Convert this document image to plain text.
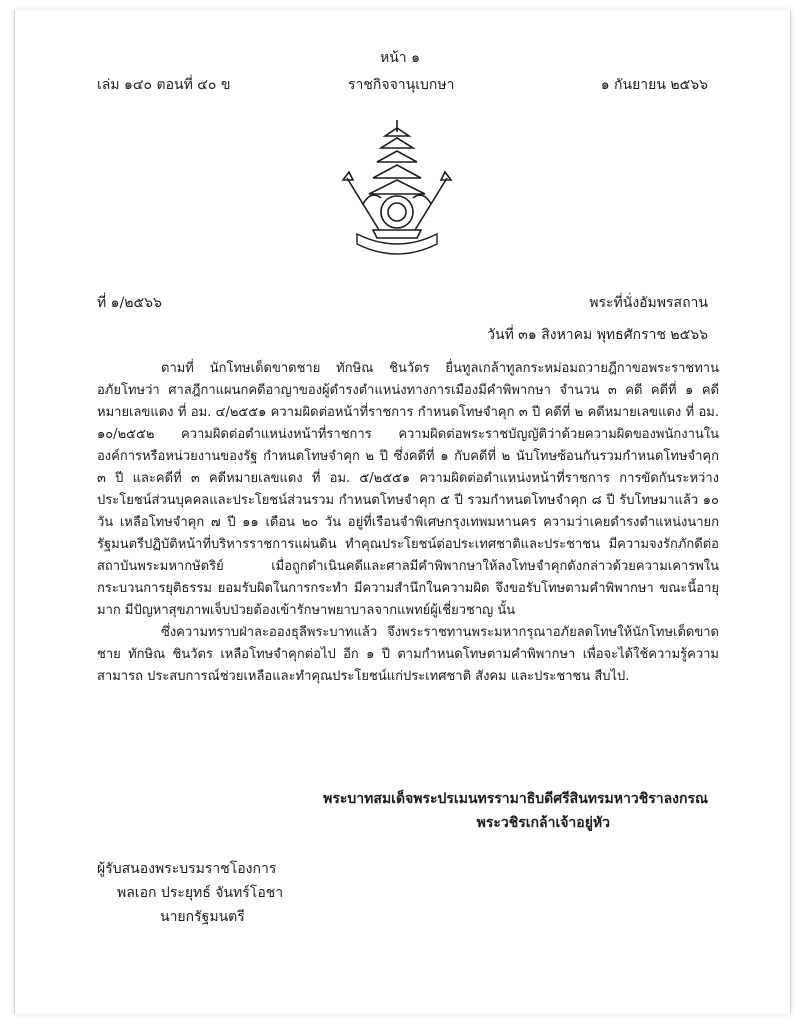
หน้า ๑
เล่ม ๑๔๐ ตอนที่ ๔๐ ข	ราชกิจจานุเบกษา	๑ กันยายน ๒๕๖๖
ที่ ๑/๒๕๖๖	พระที่นั่งอัมพรสถาน
วันที่ ๓๑ สิงหาคม พุทธศักราช ๒๕๖๖

ตามที่ นักโทษเด็ดขาดชาย ทักษิณ ชินวัตร ยื่นทูลเกล้าทูลกระหม่อมถวายฎีกาขอพระราชทานอภัยโทษว่า ศาลฎีกาแผนกคดีอาญาของผู้ดำรงตำแหน่งทางการเมืองมีคำพิพากษา จำนวน ๓ คดี คดีที่ ๑ คดีหมายเลขแดง ที่ อม. ๔/๒๕๕๑ ความผิดต่อหน้าที่ราชการ กำหนดโทษจำคุก ๓ ปี คดีที่ ๒ คดีหมายเลขแดง ที่ อม. ๑๐/๒๕๕๒ ความผิดต่อตำแหน่งหน้าที่ราชการ ความผิดต่อพระราชบัญญัติว่าด้วยความผิดของพนักงานในองค์การหรือหน่วยงานของรัฐ กำหนดโทษจำคุก ๒ ปี ซึ่งคดีที่ ๑ กับคดีที่ ๒ นับโทษซ้อนกันรวมกำหนดโทษจำคุก ๓ ปี และคดีที่ ๓ คดีหมายเลขแดง ที่ อม. ๕/๒๕๕๑ ความผิดต่อตำแหน่งหน้าที่ราชการ การขัดกันระหว่างประโยชน์ส่วนบุคคลและประโยชน์ส่วนรวม กำหนดโทษจำคุก ๕ ปี รวมกำหนดโทษจำคุก ๘ ปี รับโทษมาแล้ว ๑๐ วัน เหลือโทษจำคุก ๗ ปี ๑๑ เดือน ๒๐ วัน อยู่ที่เรือนจำพิเศษกรุงเทพมหานคร ความว่าเคยดำรงตำแหน่งนายกรัฐมนตรีปฏิบัติหน้าที่บริหารราชการแผ่นดิน ทำคุณประโยชน์ต่อประเทศชาติและประชาชน มีความจงรักภักดีต่อสถาบันพระมหากษัตริย์ เมื่อถูกดำเนินคดีและศาลมีคำพิพากษาให้ลงโทษจำคุกดังกล่าวด้วยความเคารพในกระบวนการยุติธรรม ยอมรับผิดในการกระทำ มีความสำนึกในความผิด จึงขอรับโทษตามคำพิพากษา ขณะนี้อายุมาก มีปัญหาสุขภาพเจ็บป่วยต้องเข้ารักษาพยาบาลจากแพทย์ผู้เชี่ยวชาญ นั้น

ซึ่งความทราบฝ่าละอองธุลีพระบาทแล้ว จึงพระราชทานพระมหากรุณาอภัยลดโทษให้นักโทษเด็ดขาดชาย ทักษิณ ชินวัตร เหลือโทษจำคุกต่อไป อีก ๑ ปี ตามกำหนดโทษตามคำพิพากษา เพื่อจะได้ใช้ความรู้ความสามารถ ประสบการณ์ช่วยเหลือและทำคุณประโยชน์แก่ประเทศชาติ สังคม และประชาชน สืบไป.

พระบาทสมเด็จพระปรเมนทรรามาธิบดีศรีสินทรมหาวชิราลงกรณ
พระวชิรเกล้าเจ้าอยู่หัว
ผู้รับสนองพระบรมราชโองการ
พลเอก ประยุทธ์ จันทร์โอชา
นายกรัฐมนตรี
